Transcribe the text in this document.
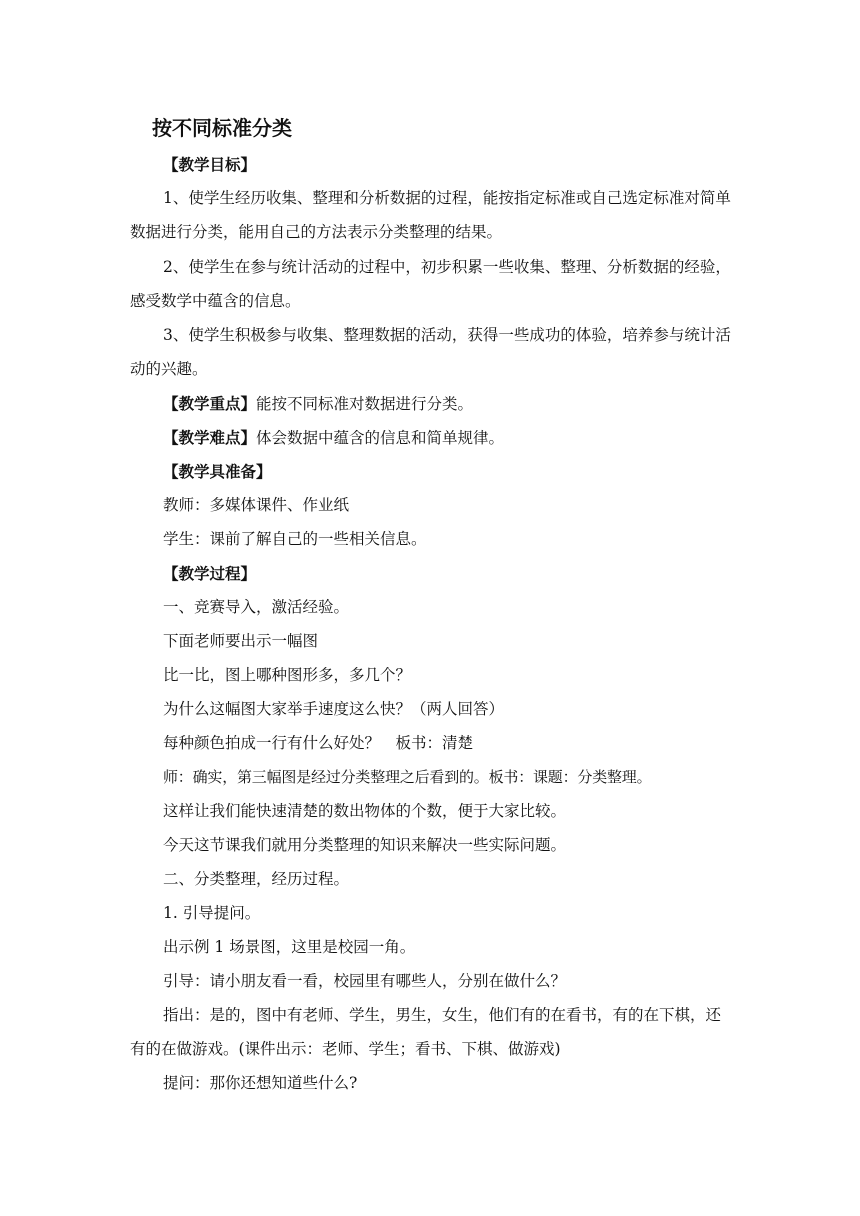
按不同标准分类

【教学目标】

1、使学生经历收集、整理和分析数据的过程，能按指定标准或自己选定标准对简单数据进行分类，能用自己的方法表示分类整理的结果。

2、使学生在参与统计活动的过程中，初步积累一些收集、整理、分析数据的经验，感受数学中蕴含的信息。

3、使学生积极参与收集、整理数据的活动，获得一些成功的体验，培养参与统计活动的兴趣。

【教学重点】能按不同标准对数据进行分类。

【教学难点】体会数据中蕴含的信息和简单规律。

【教学具准备】

教师：多媒体课件、作业纸

学生：课前了解自己的一些相关信息。

【教学过程】

一、竞赛导入，激活经验。

下面老师要出示一幅图

比一比，图上哪种图形多，多几个？

为什么这幅图大家举手速度这么快？（两人回答）

每种颜色拍成一行有什么好处？　板书：清楚

师：确实，第三幅图是经过分类整理之后看到的。板书：课题：分类整理。

这样让我们能快速清楚的数出物体的个数，便于大家比较。

今天这节课我们就用分类整理的知识来解决一些实际问题。

二、分类整理，经历过程。

1. 引导提问。

出示例 1 场景图，这里是校园一角。

引导：请小朋友看一看，校园里有哪些人，分别在做什么？

指出：是的，图中有老师、学生，男生，女生，他们有的在看书，有的在下棋，还有的在做游戏。(课件出示：老师、学生；看书、下棋、做游戏)

提问：那你还想知道些什么?
